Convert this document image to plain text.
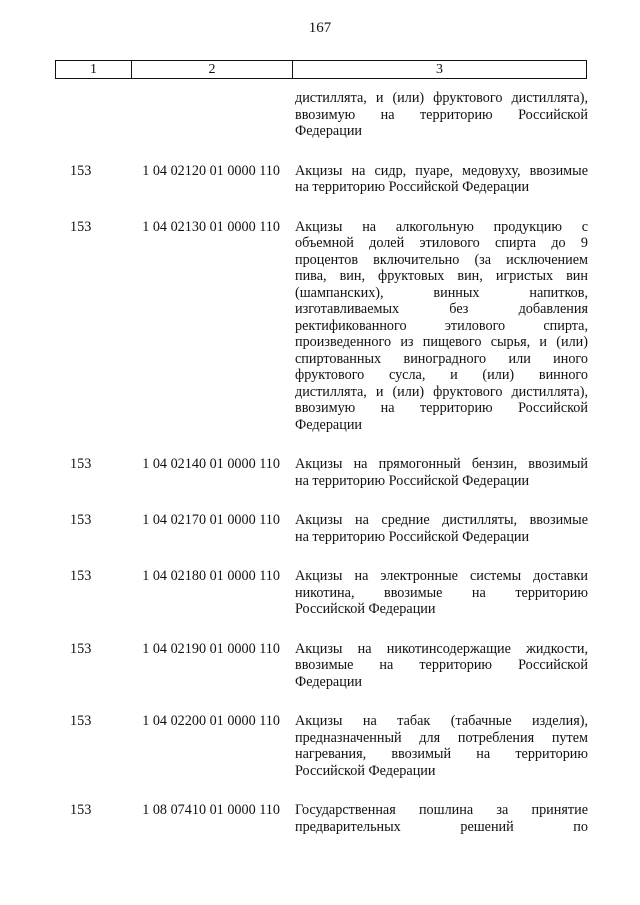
167
1	2	3
дистиллята, и (или) фруктового дистиллята),
ввозимую на территорию Российской
Федерации
153	1 04 02120 01 0000 110 Акцизы на сидр, пуаре, медовуху, ввозимые
на территорию Российской Федерации
153	1 04 02130 01 0000 110 Акцизы на алкогольную продукцию с
объемной долей этилового спирта до 9
процентов включительно (за исключением
пива, вин, фруктовых вин, игристых вин
(шампанских), винных напитков,
изготавливаемых без добавления
ректификованного этилового спирта,
произведенного из пищевого сырья, и (или)
спиртованных виноградного или иного
фруктового сусла, и (или) винного
дистиллята, и (или) фруктового дистиллята),
ввозимую на территорию Российской
Федерации
153	1 04 02140 01 0000 110 Акцизы на прямогонный бензин, ввозимый
на территорию Российской Федерации
153	1 04 02170 01 0000 110 Акцизы на средние дистилляты, ввозимые
на территорию Российской Федерации
153	1 04 02180 01 0000 110 Акцизы на электронные системы доставки
никотина, ввозимые на территорию
Российской Федерации
153	1 04 02190 01 0000 110 Акцизы на никотинсодержащие жидкости,
ввозимые на территорию Российской
Федерации
153	1 04 02200 01 0000 110 Акцизы на табак (табачные изделия),
предназначенный для потребления путем
нагревания, ввозимый на территорию
Российской Федерации
153	1 08 07410 01 0000 110 Государственная пошлина за принятие
предварительных решений по
